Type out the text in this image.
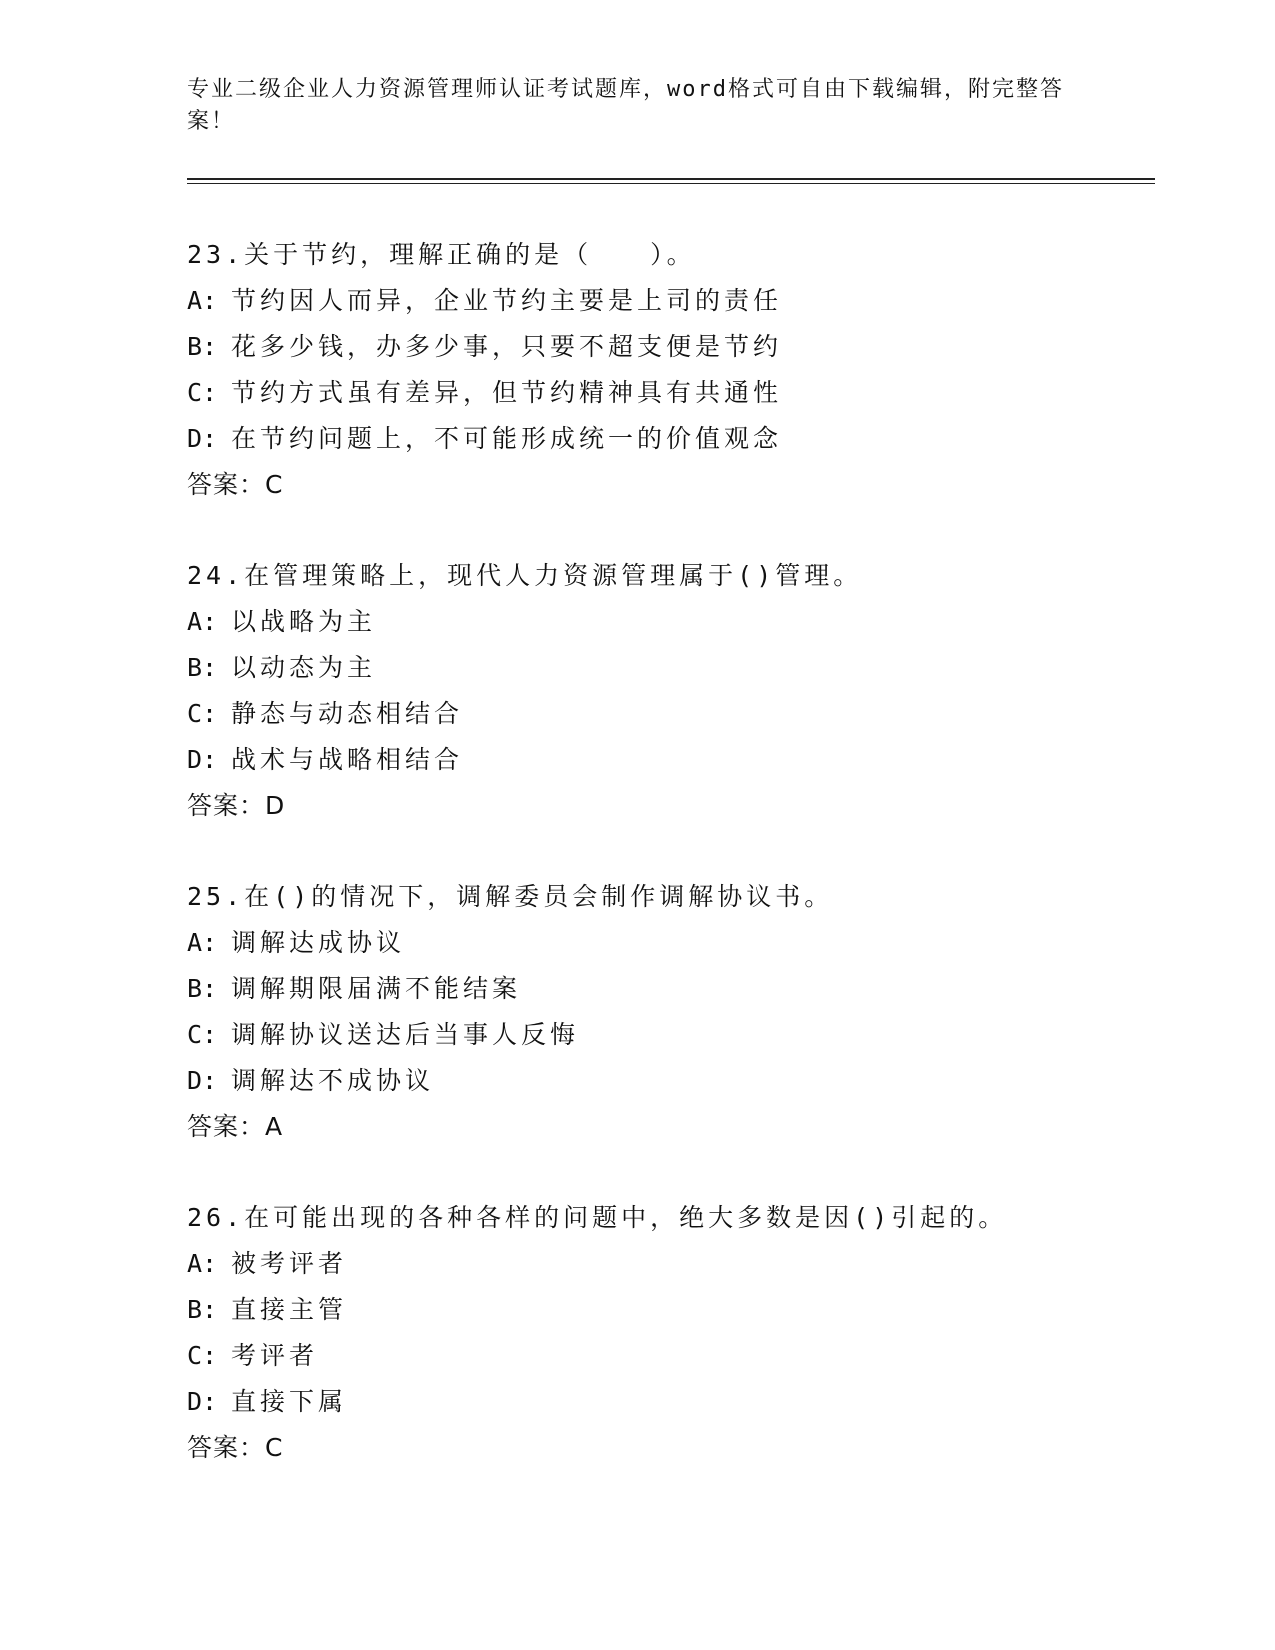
专业二级企业人力资源管理师认证考试题库，word格式可自由下载编辑，附完整答案！
23.关于节约，理解正确的是（　　）。
A: 节约因人而异，企业节约主要是上司的责任
B: 花多少钱，办多少事，只要不超支便是节约
C: 节约方式虽有差异，但节约精神具有共通性
D: 在节约问题上，不可能形成统一的价值观念
答案：C
24.在管理策略上，现代人力资源管理属于()管理。
A: 以战略为主
B: 以动态为主
C: 静态与动态相结合
D: 战术与战略相结合
答案：D
25.在()的情况下，调解委员会制作调解协议书。
A: 调解达成协议
B: 调解期限届满不能结案
C: 调解协议送达后当事人反悔
D: 调解达不成协议
答案：A
26.在可能出现的各种各样的问题中，绝大多数是因()引起的。
A: 被考评者
B: 直接主管
C: 考评者
D: 直接下属
答案：C
